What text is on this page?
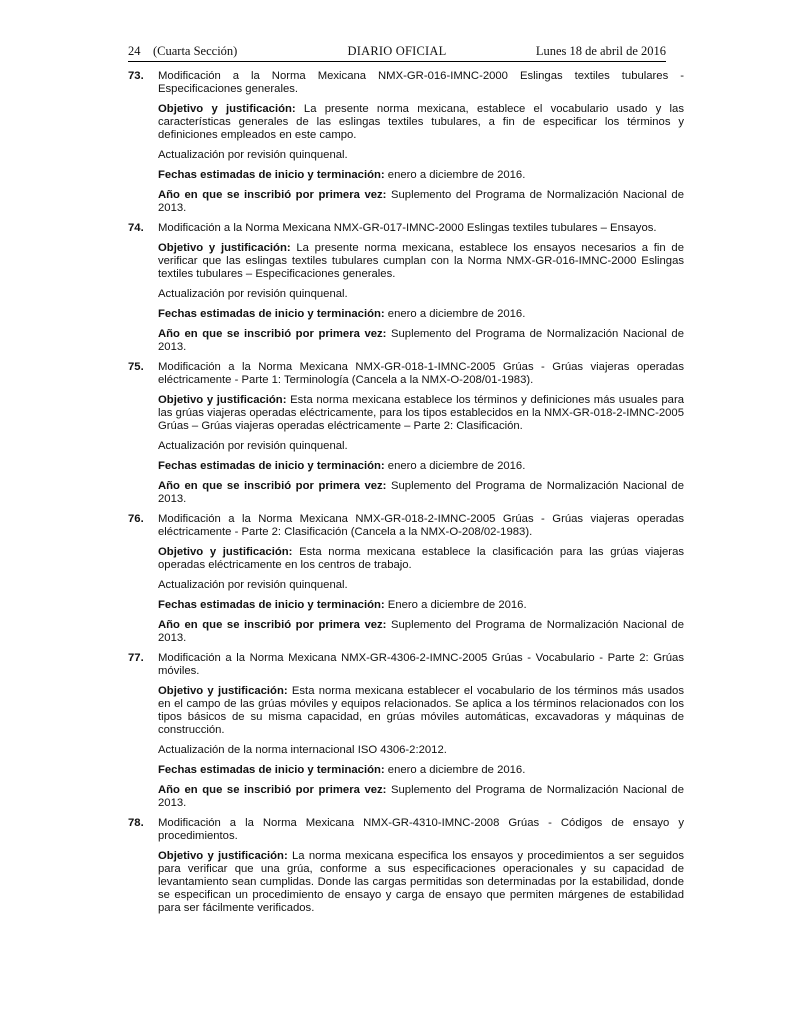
24 (Cuarta Sección)	DIARIO OFICIAL	Lunes 18 de abril de 2016
73. Modificación a la Norma Mexicana NMX-GR-016-IMNC-2000 Eslingas textiles tubulares - Especificaciones generales.

Objetivo y justificación: La presente norma mexicana, establece el vocabulario usado y las características generales de las eslingas textiles tubulares, a fin de especificar los términos y definiciones empleados en este campo.

Actualización por revisión quinquenal.

Fechas estimadas de inicio y terminación: enero a diciembre de 2016.

Año en que se inscribió por primera vez: Suplemento del Programa de Normalización Nacional de 2013.

74. Modificación a la Norma Mexicana NMX-GR-017-IMNC-2000 Eslingas textiles tubulares – Ensayos.

Objetivo y justificación: La presente norma mexicana, establece los ensayos necesarios a fin de verificar que las eslingas textiles tubulares cumplan con la Norma NMX-GR-016-IMNC-2000 Eslingas textiles tubulares – Especificaciones generales.

Actualización por revisión quinquenal.

Fechas estimadas de inicio y terminación: enero a diciembre de 2016.

Año en que se inscribió por primera vez: Suplemento del Programa de Normalización Nacional de 2013.

75. Modificación a la Norma Mexicana NMX-GR-018-1-IMNC-2005 Grúas - Grúas viajeras operadas eléctricamente - Parte 1: Terminología (Cancela a la NMX-O-208/01-1983).

Objetivo y justificación: Esta norma mexicana establece los términos y definiciones más usuales para las grúas viajeras operadas eléctricamente, para los tipos establecidos en la NMX-GR-018-2-IMNC-2005 Grúas – Grúas viajeras operadas eléctricamente – Parte 2: Clasificación.

Actualización por revisión quinquenal.

Fechas estimadas de inicio y terminación: enero a diciembre de 2016.

Año en que se inscribió por primera vez: Suplemento del Programa de Normalización Nacional de 2013.

76. Modificación a la Norma Mexicana NMX-GR-018-2-IMNC-2005 Grúas - Grúas viajeras operadas eléctricamente - Parte 2: Clasificación (Cancela a la NMX-O-208/02-1983).

Objetivo y justificación: Esta norma mexicana establece la clasificación para las grúas viajeras operadas eléctricamente en los centros de trabajo.

Actualización por revisión quinquenal.

Fechas estimadas de inicio y terminación: Enero a diciembre de 2016.

Año en que se inscribió por primera vez: Suplemento del Programa de Normalización Nacional de 2013.

77. Modificación a la Norma Mexicana NMX-GR-4306-2-IMNC-2005 Grúas - Vocabulario - Parte 2: Grúas móviles.

Objetivo y justificación: Esta norma mexicana establecer el vocabulario de los términos más usados en el campo de las grúas móviles y equipos relacionados. Se aplica a los términos relacionados con los tipos básicos de su misma capacidad, en grúas móviles automáticas, excavadoras y máquinas de construcción.

Actualización de la norma internacional ISO 4306-2:2012.

Fechas estimadas de inicio y terminación: enero a diciembre de 2016.

Año en que se inscribió por primera vez: Suplemento del Programa de Normalización Nacional de 2013.

78. Modificación a la Norma Mexicana NMX-GR-4310-IMNC-2008 Grúas - Códigos de ensayo y procedimientos.

Objetivo y justificación: La norma mexicana especifica los ensayos y procedimientos a ser seguidos para verificar que una grúa, conforme a sus especificaciones operacionales y su capacidad de levantamiento sean cumplidas. Donde las cargas permitidas son determinadas por la estabilidad, donde se especifican un procedimiento de ensayo y carga de ensayo que permiten márgenes de estabilidad para ser fácilmente verificados.
